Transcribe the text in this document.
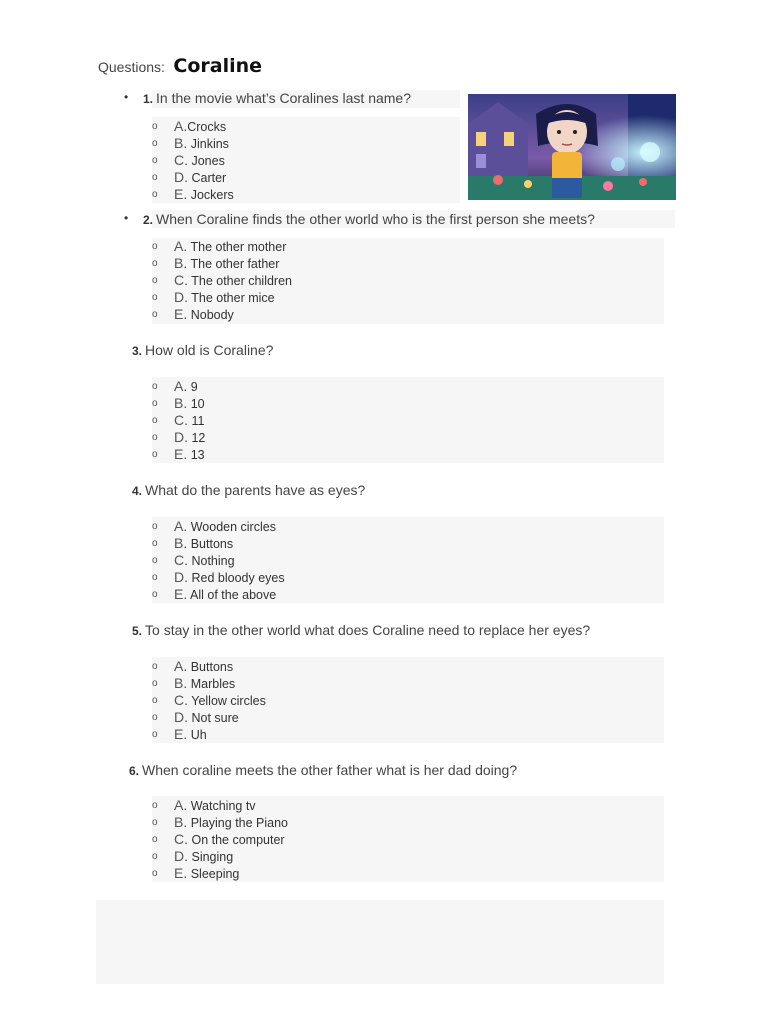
Questions: Coraline
• 1. In the movie what’s Coralines last name?
o A.Crocks
o B. Jinkins
o C. Jones
o D. Carter
o E. Jockers
• 2. When Coraline finds the other world who is the first person she meets?
o A. The other mother
o B. The other father
o C. The other children
o D. The other mice
o E. Nobody
3. How old is Coraline?
o A. 9
o B. 10
o C. 11
o D. 12
o E. 13
4. What do the parents have as eyes?
o A. Wooden circles
o B. Buttons
o C. Nothing
o D. Red bloody eyes
o E. All of the above
5. To stay in the other world what does Coraline need to replace her eyes?
o A. Buttons
o B. Marbles
o C. Yellow circles
o D. Not sure
o E. Uh
6. When coraline meets the other father what is her dad doing?
o A. Watching tv
o B. Playing the Piano
o C. On the computer
o D. Singing
o E. Sleeping
